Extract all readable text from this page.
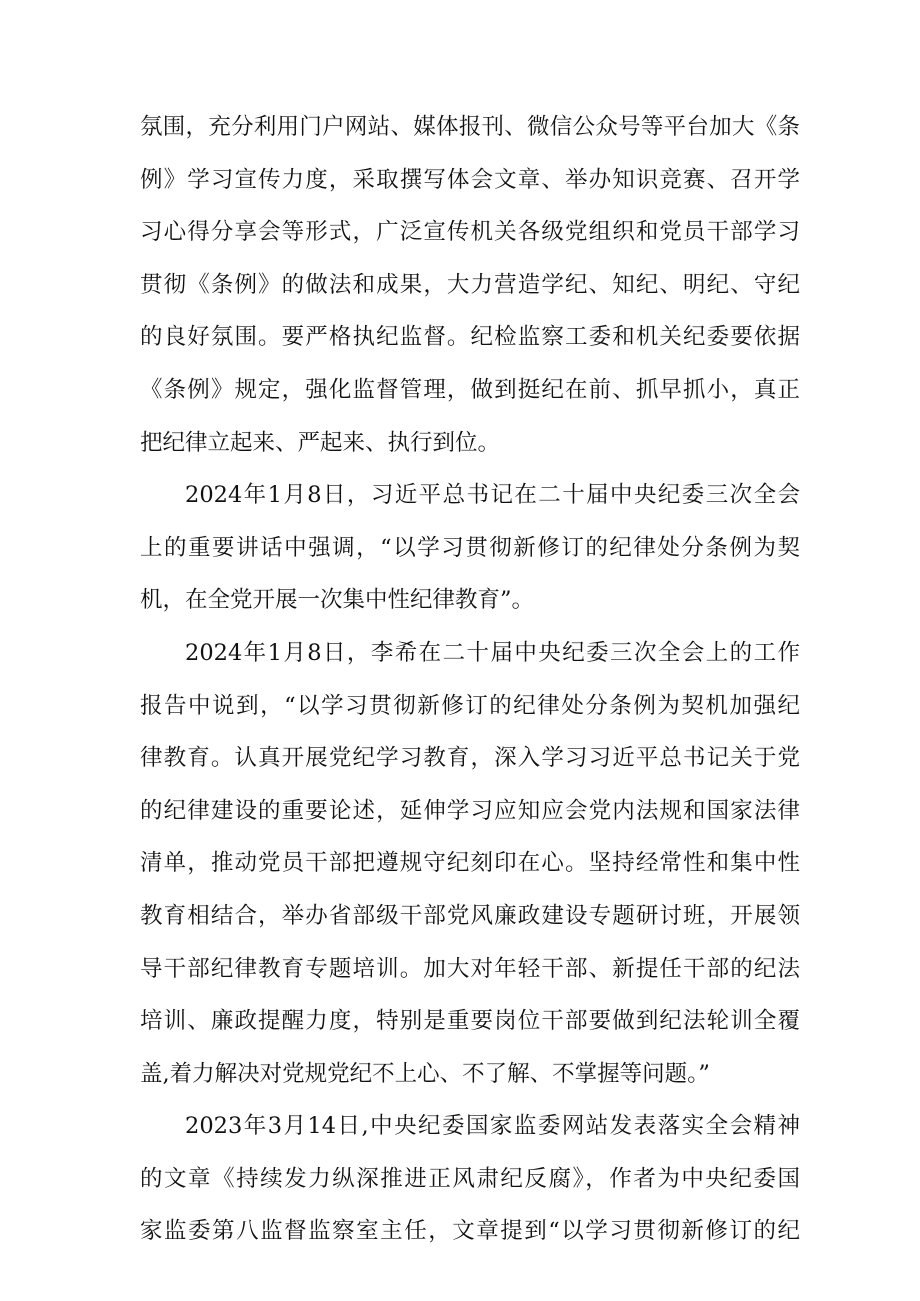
氛围，充分利用门户网站、媒体报刊、微信公众号等平台加大《条
例》学习宣传力度，采取撰写体会文章、举办知识竞赛、召开学
习心得分享会等形式，广泛宣传机关各级党组织和党员干部学习
贯彻《条例》的做法和成果，大力营造学纪、知纪、明纪、守纪
的良好氛围。要严格执纪监督。纪检监察工委和机关纪委要依据
《条例》规定，强化监督管理，做到挺纪在前、抓早抓小，真正
把纪律立起来、严起来、执行到位。
2024年1月8日，习近平总书记在二十届中央纪委三次全会
上的重要讲话中强调，“以学习贯彻新修订的纪律处分条例为契
机，在全党开展一次集中性纪律教育”。
2024年1月8日，李希在二十届中央纪委三次全会上的工作
报告中说到，“以学习贯彻新修订的纪律处分条例为契机加强纪
律教育。认真开展党纪学习教育，深入学习习近平总书记关于党
的纪律建设的重要论述，延伸学习应知应会党内法规和国家法律
清单，推动党员干部把遵规守纪刻印在心。坚持经常性和集中性
教育相结合，举办省部级干部党风廉政建设专题研讨班，开展领
导干部纪律教育专题培训。加大对年轻干部、新提任干部的纪法
培训、廉政提醒力度，特别是重要岗位干部要做到纪法轮训全覆
盖,着力解决对党规党纪不上心、不了解、不掌握等问题。”
2023年3月14日,中央纪委国家监委网站发表落实全会精神
的文章《持续发力纵深推进正风肃纪反腐》，作者为中央纪委国
家监委第八监督监察室主任，文章提到“以学习贯彻新修订的纪
